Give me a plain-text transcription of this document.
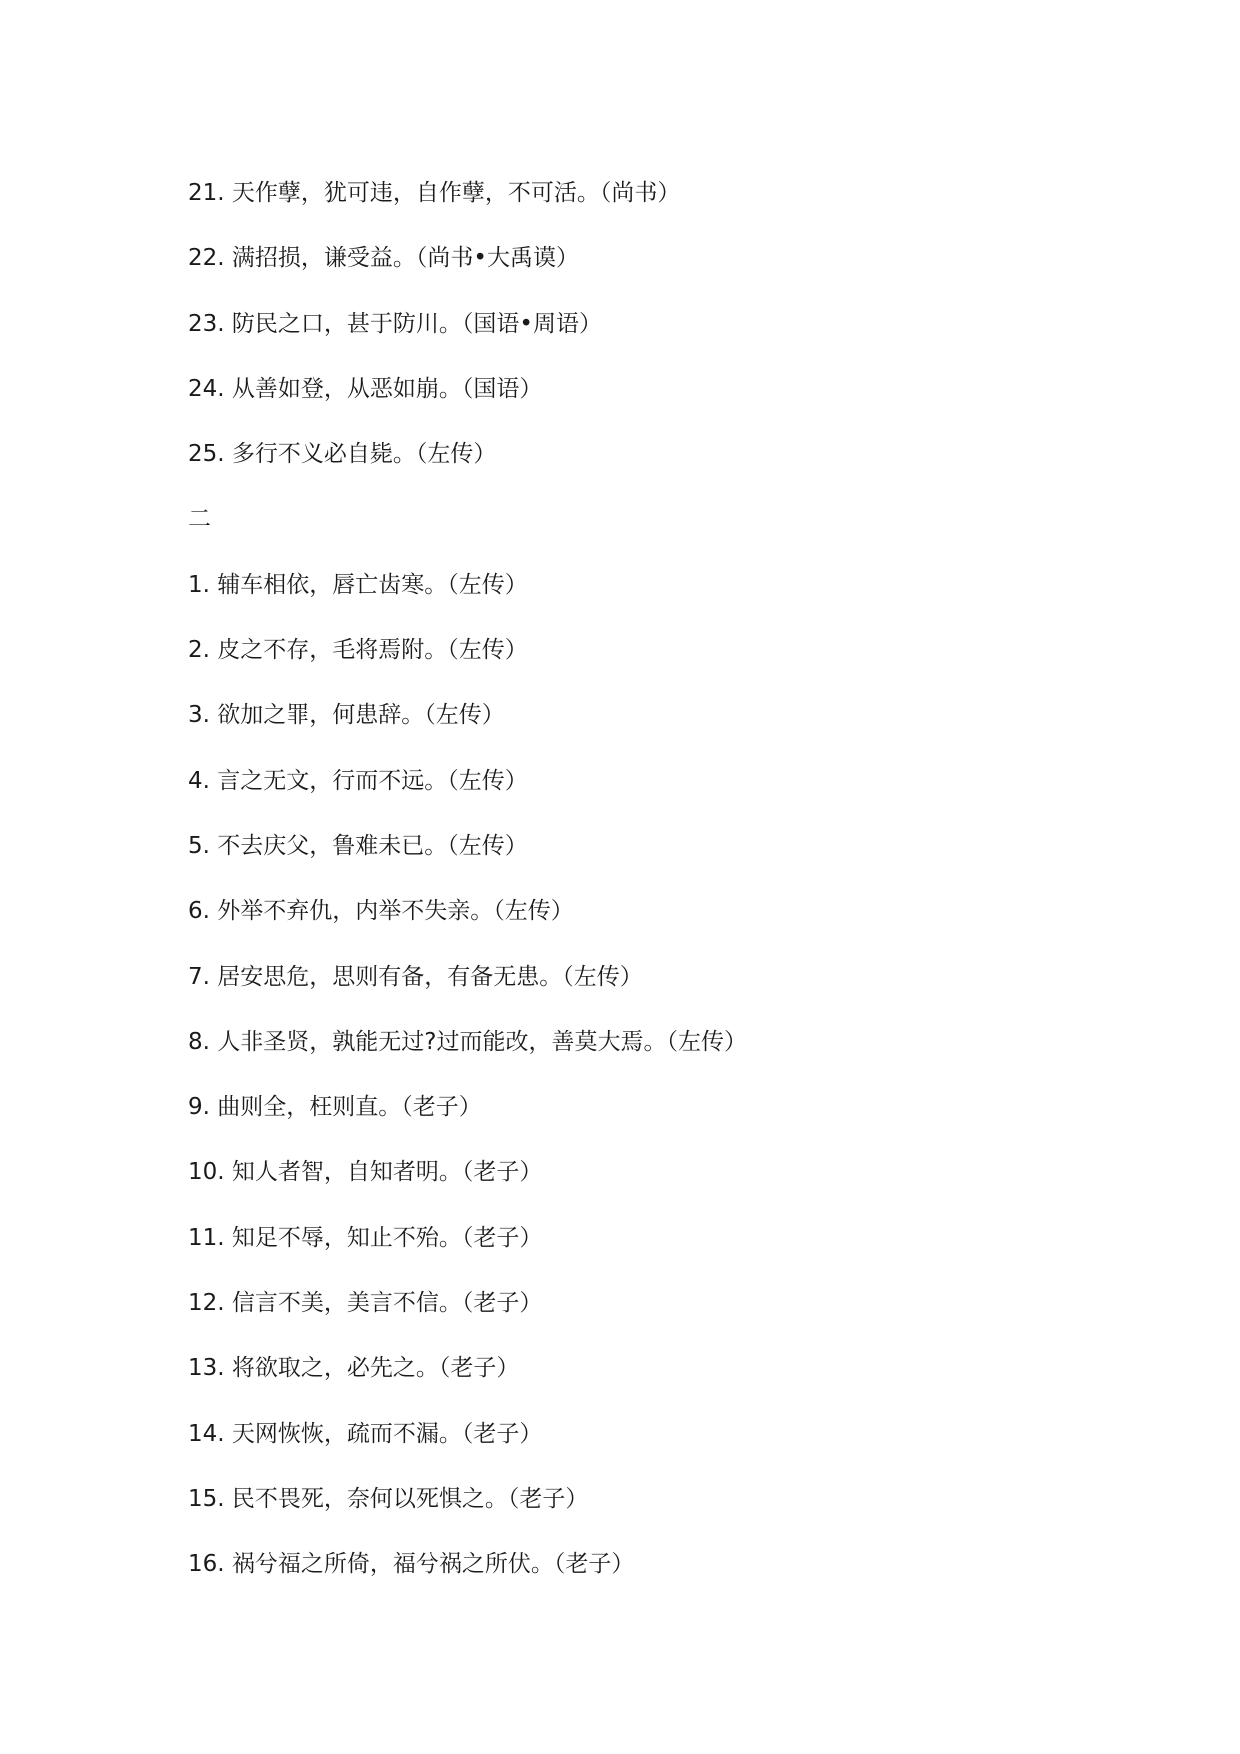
21. 天作孽，犹可违，自作孽，不可活。（尚书）
22. 满招损，谦受益。（尚书•大禹谟）
23. 防民之口，甚于防川。（国语•周语）
24. 从善如登，从恶如崩。（国语）
25. 多行不义必自毙。（左传）
二
1. 辅车相依，唇亡齿寒。（左传）
2. 皮之不存，毛将焉附。（左传）
3. 欲加之罪，何患辞。（左传）
4. 言之无文，行而不远。（左传）
5. 不去庆父，鲁难未已。（左传）
6. 外举不弃仇，内举不失亲。（左传）
7. 居安思危，思则有备，有备无患。（左传）
8. 人非圣贤，孰能无过?过而能改，善莫大焉。（左传）
9. 曲则全，枉则直。（老子）
10. 知人者智，自知者明。（老子）
11. 知足不辱，知止不殆。（老子）
12. 信言不美，美言不信。（老子）
13. 将欲取之，必先之。（老子）
14. 天网恢恢，疏而不漏。（老子）
15. 民不畏死，奈何以死惧之。（老子）
16. 祸兮福之所倚，福兮祸之所伏。（老子）
